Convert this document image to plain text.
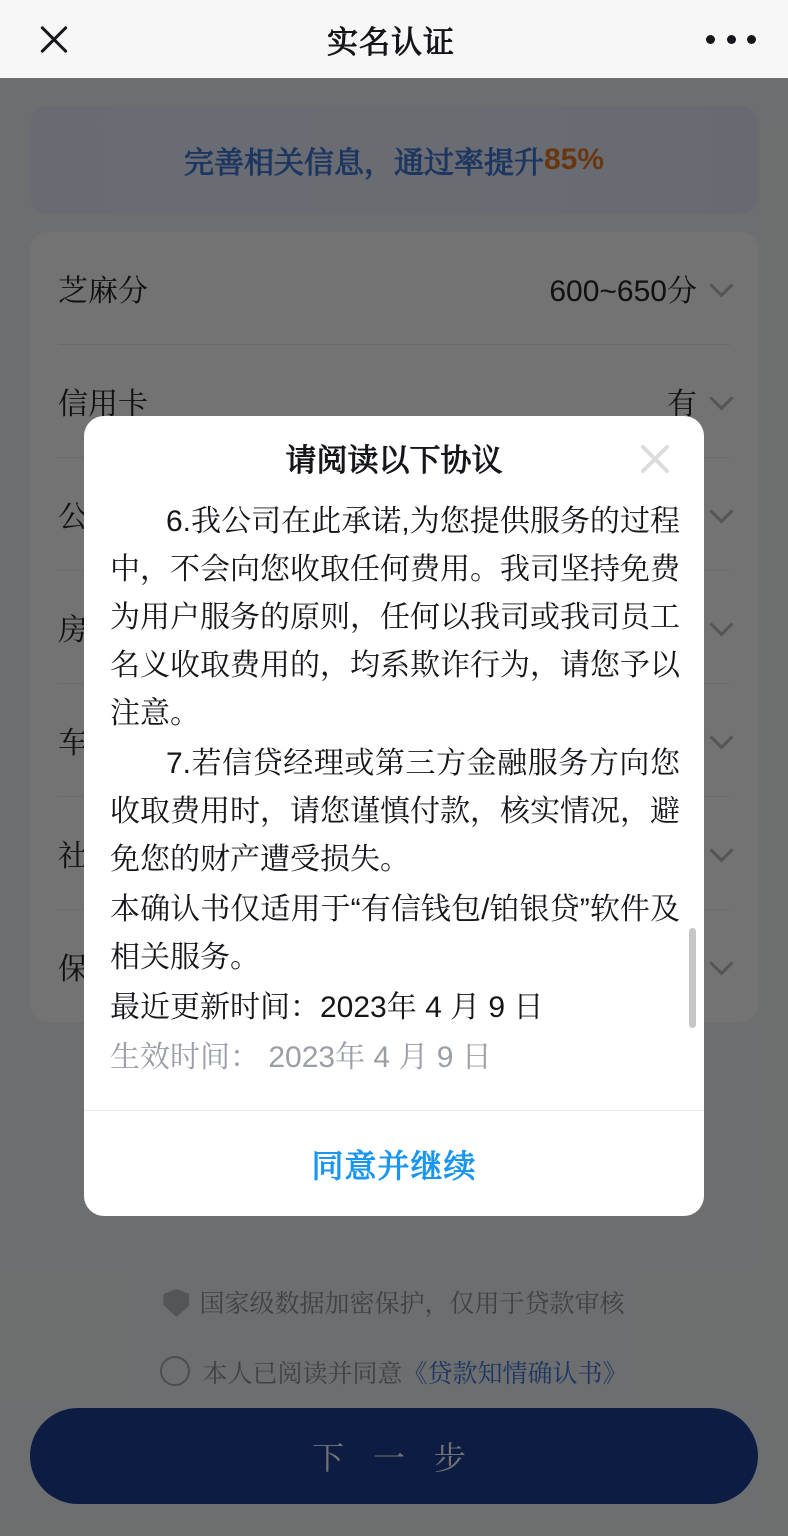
实名认证
请阅读以下协议

6.我公司在此承诺,为您提供服务的过程中，不会向您收取任何费用。我司坚持免费为用户服务的原则，任何以我司或我司员工名义收取费用的，均系欺诈行为，请您予以注意。

7.若信贷经理或第三方金融服务方向您收取费用时，请您谨慎付款，核实情况，避免您的财产遭受损失。

本确认书仅适用于“有信钱包/铂银贷”软件及相关服务。

最近更新时间：2023年 4 月 9 日

生效时间： 2023年 4 月 9 日

同意并继续
